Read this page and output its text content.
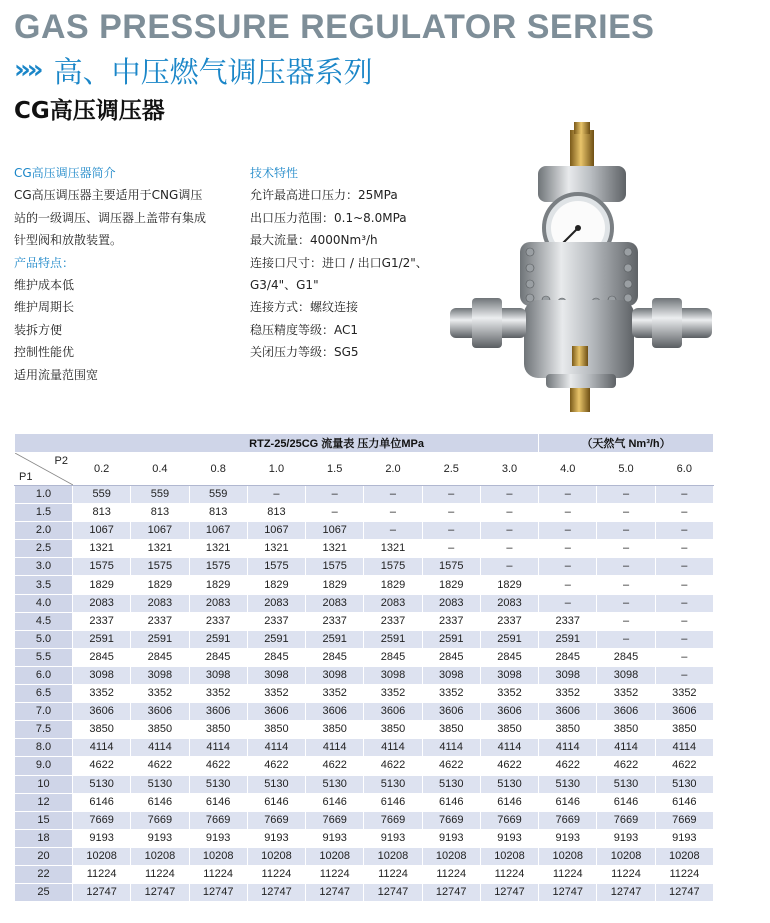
GAS PRESSURE REGULATOR SERIES
»» 高、中压燃气调压器系列
CG高压调压器
CG高压调压器简介
CG高压调压器主要适用于CNG调压
站的一级调压、调压器上盖带有集成
针型阀和放散装置。
产品特点：
维护成本低
维护周期长
装拆方便
控制性能优
适用流量范围宽
技术特性
允许最高进口压力：25MPa
出口压力范围：0.1~8.0MPa
最大流量：4000Nm³/h
连接口尺寸：进口 / 出口G1/2"、
G3/4"、G1"
连接方式：螺纹连接
稳压精度等级：AC1
关闭压力等级：SG5
RTZ-25/25CG 流量表 压力单位MPa									（天然气 Nm³/h）		

P2
P1	0.2	0.4	0.8	1.0	1.5	2.0	2.5	3.0	4.0	5.0	6.0
1.0	559	559	559	–	–	–	–	–	–	–	–
1.5	813	813	813	813	–	–	–	–	–	–	–
2.0	1067	1067	1067	1067	1067	–	–	–	–	–	–
2.5	1321	1321	1321	1321	1321	1321	–	–	–	–	–
3.0	1575	1575	1575	1575	1575	1575	1575	–	–	–	–
3.5	1829	1829	1829	1829	1829	1829	1829	1829	–	–	–
4.0	2083	2083	2083	2083	2083	2083	2083	2083	–	–	–
4.5	2337	2337	2337	2337	2337	2337	2337	2337	2337	–	–
5.0	2591	2591	2591	2591	2591	2591	2591	2591	2591	–	–
5.5	2845	2845	2845	2845	2845	2845	2845	2845	2845	2845	–
6.0	3098	3098	3098	3098	3098	3098	3098	3098	3098	3098	–
6.5	3352	3352	3352	3352	3352	3352	3352	3352	3352	3352	3352
7.0	3606	3606	3606	3606	3606	3606	3606	3606	3606	3606	3606
7.5	3850	3850	3850	3850	3850	3850	3850	3850	3850	3850	3850
8.0	4114	4114	4114	4114	4114	4114	4114	4114	4114	4114	4114
9.0	4622	4622	4622	4622	4622	4622	4622	4622	4622	4622	4622
10	5130	5130	5130	5130	5130	5130	5130	5130	5130	5130	5130
12	6146	6146	6146	6146	6146	6146	6146	6146	6146	6146	6146
15	7669	7669	7669	7669	7669	7669	7669	7669	7669	7669	7669
18	9193	9193	9193	9193	9193	9193	9193	9193	9193	9193	9193
20	10208	10208	10208	10208	10208	10208	10208	10208	10208	10208	10208
22	11224	11224	11224	11224	11224	11224	11224	11224	11224	11224	11224
25	12747	12747	12747	12747	12747	12747	12747	12747	12747	12747	12747
